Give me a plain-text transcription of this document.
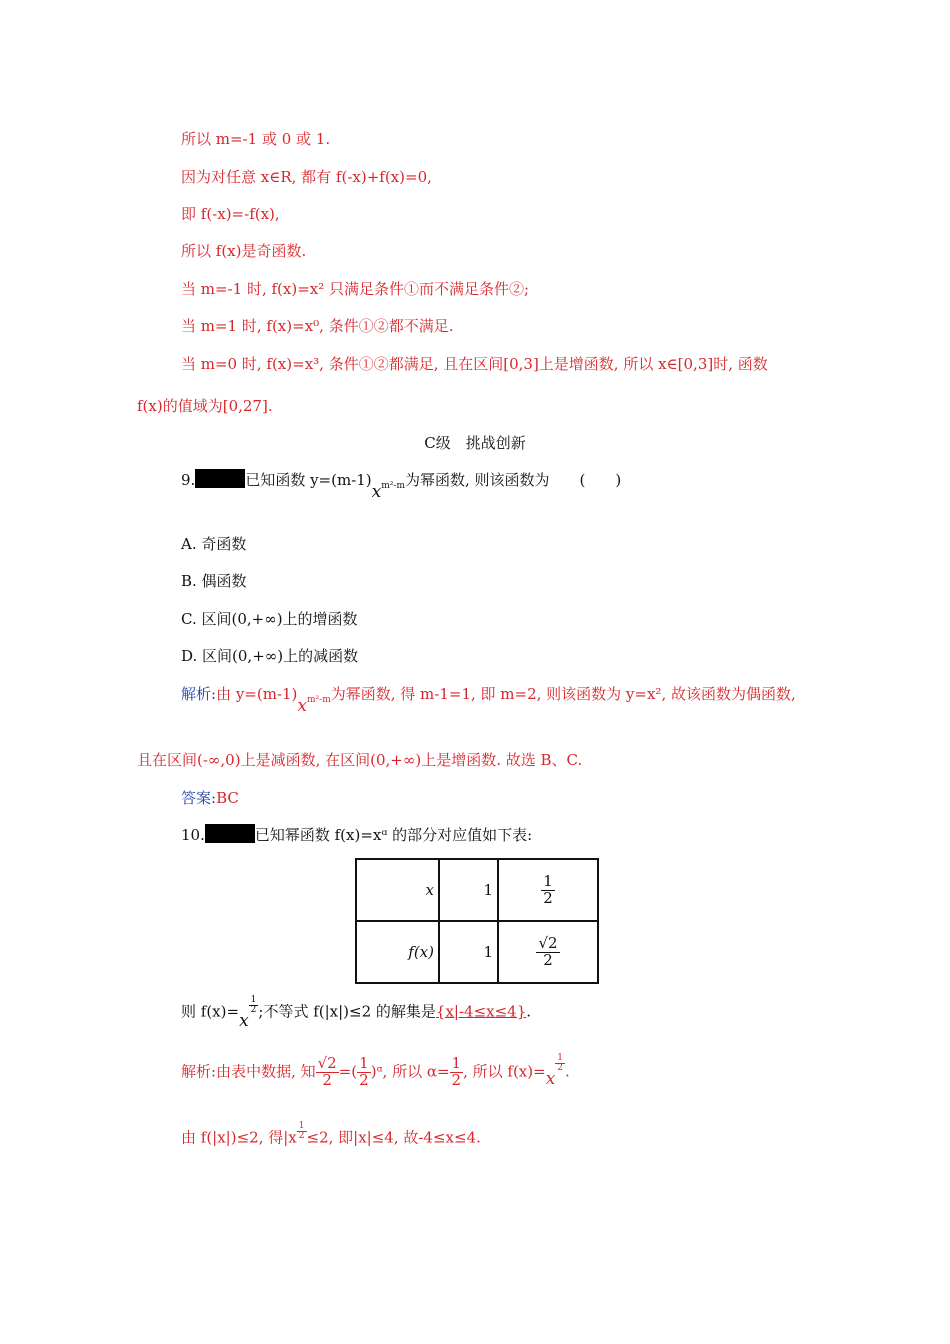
所以 m=-1 或 0 或 1.
因为对任意 x∈R, 都有 f(-x)+f(x)=0,
即 f(-x)=-f(x),
所以 f(x)是奇函数.
当 m=-1 时, f(x)=x² 只满足条件①而不满足条件②;
当 m=1 时, f(x)=x⁰, 条件①②都不满足.
当 m=0 时, f(x)=x³, 条件①②都满足, 且在区间[0,3]上是增函数, 所以 x∈[0,3]时, 函数
f(x)的值域为[0,27].
C级　挑战创新
9.	已知函数 $y=(m-1)x^{m^2-m}$为幂函数, 则该函数为 (　　)
A. 奇函数
B. 偶函数
C. 区间(0,+∞)上的增函数
D. 区间(0,+∞)上的减函数
解析:由 $y=(m-1)x^{m^2-m}$为幂函数, 得 m-1=1, 即 m=2, 则该函数为 y=x², 故该函数为偶函数,
且在区间(-∞,0)上是减函数, 在区间(0,+∞)上是增函数. 故选 B、C.
答案:BC
10.	已知幂函数 f(x)=xᵅ 的部分对应值如下表:
x	1	$\frac{1}{2}$

f(x)	1	$\frac{√2}{2}$
则 f(x)=x
$\frac{1}{2}$ ;不等式 f(|x|)≤2 的解集是{x|-4≤x≤4}.
解析:由表中数据, 知 $\frac{√2}{2}$ =( $\frac{1}{2}$ )ᵅ, 所以 $\alpha= \frac{1}{2}$ , 所以 f(x)=x
$\frac{1}{2}$ .
由 f(|x|)≤2, 得$|x \frac{1}{2} \le 2$, 即|x|≤4, 故-4≤x≤4.
